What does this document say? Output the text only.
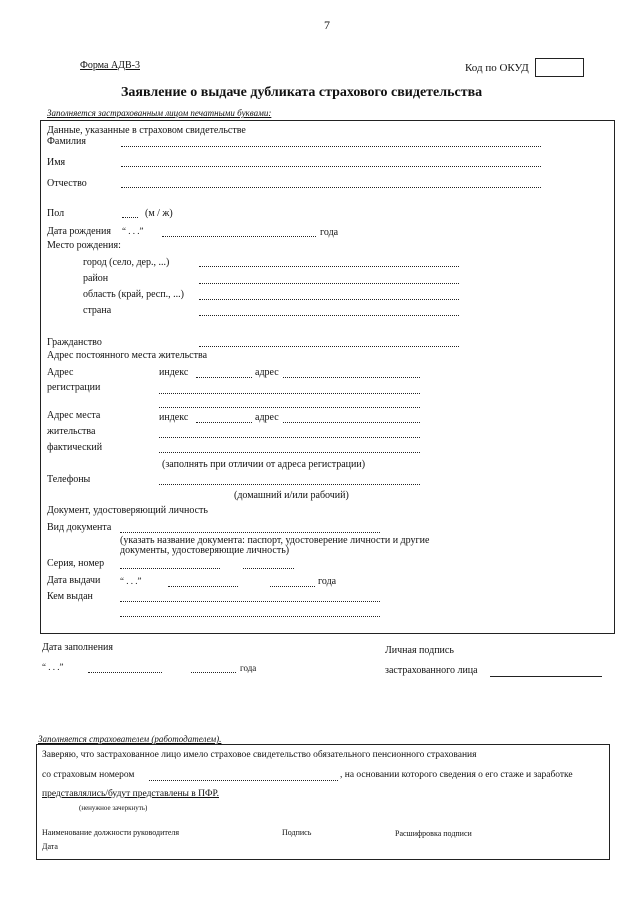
7
Форма АДВ-3	Код по ОКУД
Заявление о выдаче дубликата страхового свидетельства
Заполняется застрахованным лицом печатными буквами:
Данные, указанные в страховом свидетельстве
Фамилия
Имя
Отчество
Пол	(м / ж)
Дата рождения “ . . .”	года
Место рождения:
город (село, дер., ...)
район
область (край, респ., ...)
страна
Гражданство
Адрес постоянного места жительства
Адрес
регистрации
индекс	адрес
Адрес места
жительства
фактический
индекс	адрес
(заполнять при отличии от адреса регистрации)
Телефоны
(домашний и/или рабочий)
Документ, удостоверяющий личность
Вид документа
(указать название документа: паспорт, удостоверение личности и другие
документы, удостоверяющие личность)
Серия, номер
Дата выдачи “ . . .”	года
Кем выдан
Дата заполнения
“ . . .”	года
Личная подпись
застрахованного лица
Заполняется страхователем (работодателем).
Заверяю, что застрахованное лицо имело страховое свидетельство обязательного пенсионного страхования
со страховым номером	, на основании которого сведения о его стаже и заработке
представлялись/будут представлены в ПФР.
(ненужное зачеркнуть)
Наименование должности руководителя	Подпись	Расшифровка подписи
Дата
